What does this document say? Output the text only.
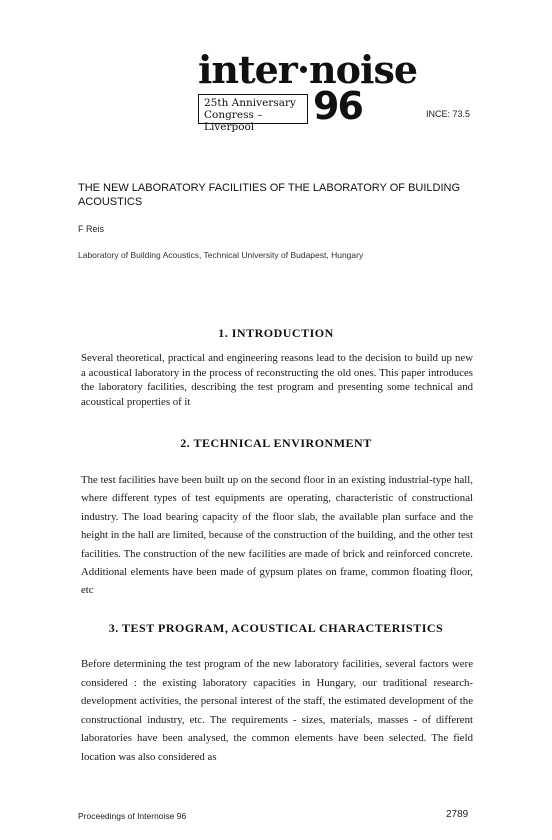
inter·noise
25th Anniversary
Congress – Liverpool	96	INCE: 73.5
THE NEW LABORATORY FACILITIES OF THE LABORATORY OF BUILDING
ACOUSTICS
F Reis
Laboratory of Building Acoustics, Technical University of Budapest, Hungary
1. INTRODUCTION

Several theoretical, practical and engineering reasons lead to the decision to build up new a acoustical laboratory in the process of reconstructing the old ones. This paper introduces the laboratory facilities, describing the test program and presenting some technical and acoustical properties of it

2. TECHNICAL ENVIRONMENT

The test facilities have been built up on the second floor in an existing industrial-type hall, where different types of test equipments are operating, characteristic of constructional industry. The load bearing capacity of the floor slab, the available plan surface and the height in the hall are limited, because of the construction of the building, and the other test facilities. The construction of the new facilities are made of brick and reinforced concrete. Additional elements have been made of gypsum plates on frame, common floating floor, etc

3. TEST PROGRAM, ACOUSTICAL CHARACTERISTICS

Before determining the test program of the new laboratory facilities, several factors were considered : the existing laboratory capacities in Hungary, our traditional research-development activities, the personal interest of the staff, the estimated development of the constructional industry, etc. The requirements - sizes, materials, masses - of different laboratories have been analysed, the common elements have been selected. The field location was also considered as

Proceedings of Internoise 96	2789
